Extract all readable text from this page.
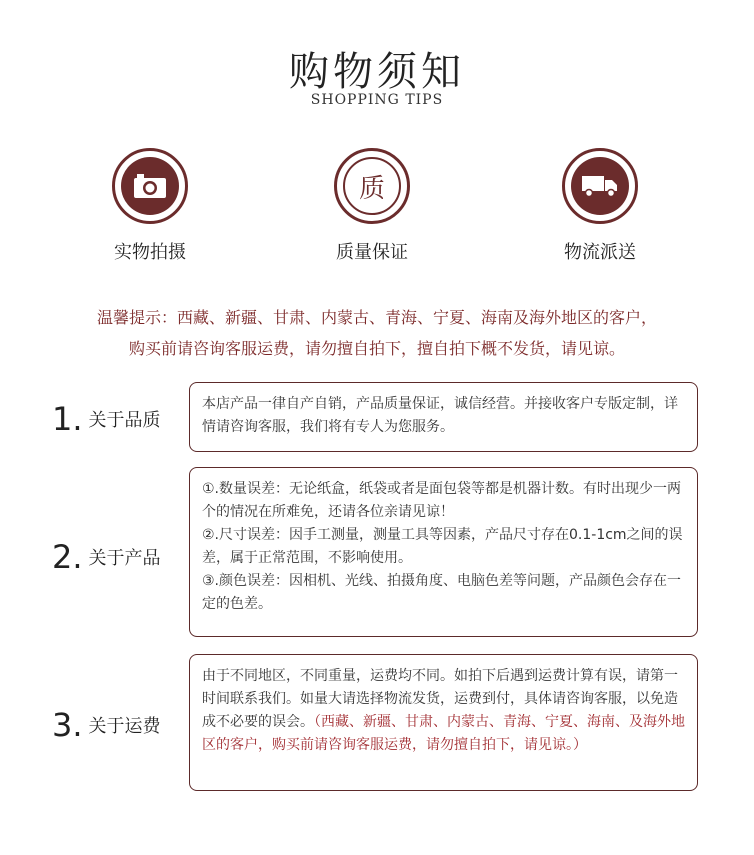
购物须知
SHOPPING TIPS
实物拍摄
质
质量保证	物流派送
温馨提示：西藏、新疆、甘肃、内蒙古、青海、宁夏、海南及海外地区的客户，
购买前请咨询客服运费，请勿擅自拍下，擅自拍下概不发货，请见谅。
1. 关于品质

本店产品一律自产自销，产品质量保证，诚信经营。并接收客户专版定制，详情请咨询客服，我们将有专人为您服务。

2. 关于产品

①.数量误差：无论纸盒，纸袋或者是面包袋等都是机器计数。有时出现少一两个的情况在所难免，还请各位亲请见谅！

②.尺寸误差：因手工测量，测量工具等因素，产品尺寸存在0.1-1cm之间的误差，属于正常范围，不影响使用。

③.颜色误差：因相机、光线、拍摄角度、电脑色差等问题，产品颜色会存在一定的色差。

3. 关于运费

由于不同地区，不同重量，运费均不同。如拍下后遇到运费计算有误，请第一时间联系我们。如量大请选择物流发货，运费到付，具体请咨询客服，以免造成不必要的误会。（西藏、新疆、甘肃、内蒙古、青海、宁夏、海南、及海外地区的客户，购买前请咨询客服运费，请勿擅自拍下，请见谅。）
